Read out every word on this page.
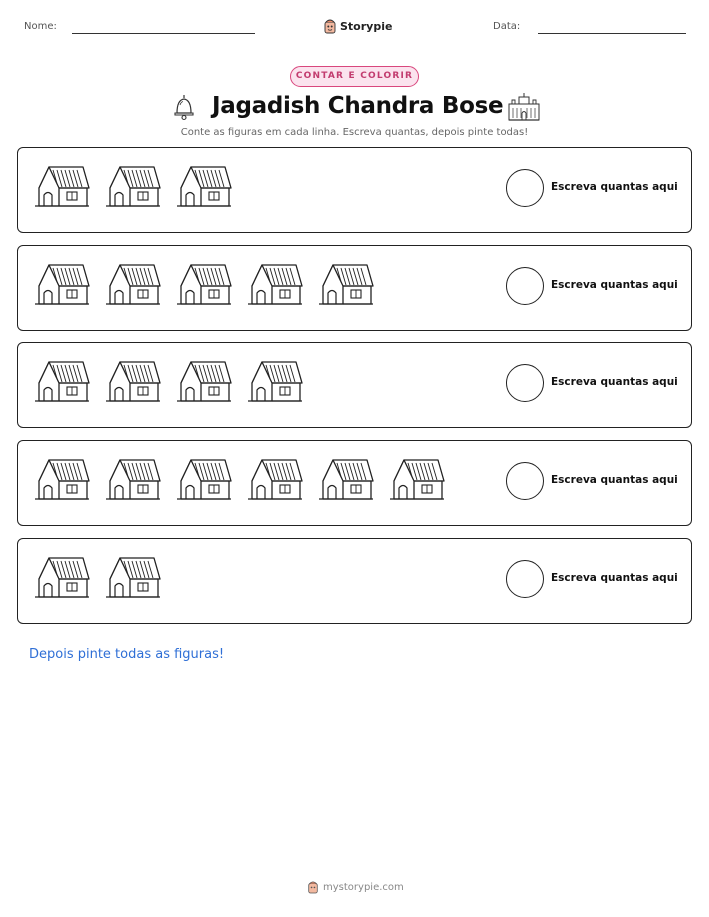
Nome:	Storypie	Data:
CONTAR E COLORIR
Jagadish Chandra Bose
Conte as figuras em cada linha. Escreva quantas, depois pinte todas!
Escreva quantas aqui
Escreva quantas aqui
Escreva quantas aqui
Escreva quantas aqui
Escreva quantas aqui
Depois pinte todas as figuras!
mystorypie.com
